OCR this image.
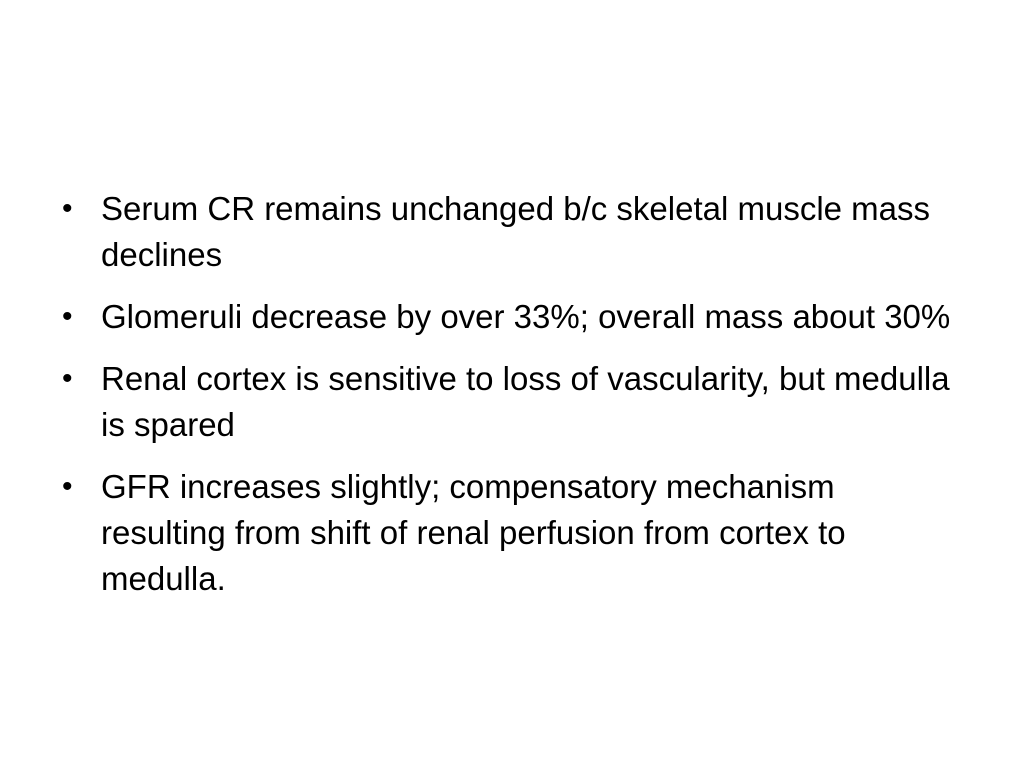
• Serum CR remains unchanged b/c skeletal muscle mass declines
• Glomeruli decrease by over 33%; overall mass about 30%
• Renal cortex is sensitive to loss of vascularity, but medulla is spared
• GFR increases slightly; compensatory mechanism resulting from shift of renal perfusion from cortex to medulla.
